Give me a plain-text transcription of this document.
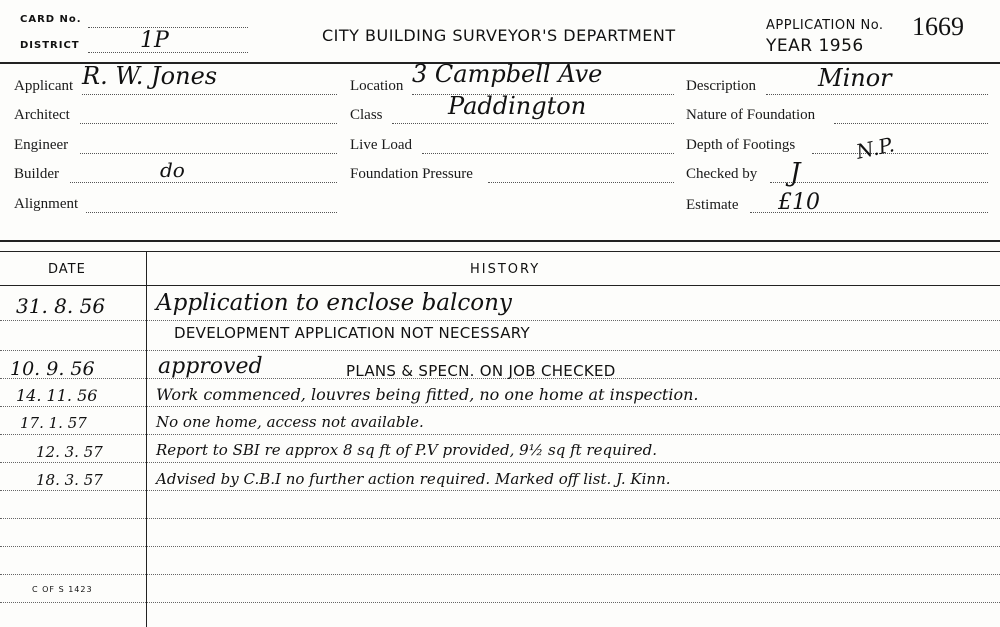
CARD No.
DISTRICT	1P	CITY BUILDING SURVEYOR'S DEPARTMENT
APPLICATION No. 1669
YEAR 1956
Applicant R. W. Jones
Architect
Engineer
Builder	do
Alignment
Location 3 Campbell Ave
Class	Paddington
Live Load
Foundation Pressure
Description	Minor
Nature of Foundation
Depth of Footings	N.P.
Checked by J
Estimate £10
DATE	HISTORY
31. 8. 56 Application to enclose balcony
DEVELOPMENT APPLICATION NOT NECESSARY
10. 9. 56	approved	PLANS & SPECN. ON JOB CHECKED
14. 11. 56	Work commenced, louvres being fitted, no one home at inspection.
17. 1. 57	No one home, access not available.
12. 3. 57	Report to SBI re approx 8 sq ft of P.V provided, 9½ sq ft required.
18. 3. 57	Advised by C.B.I no further action required. Marked off list. J. Kinn.
C OF S 1423
